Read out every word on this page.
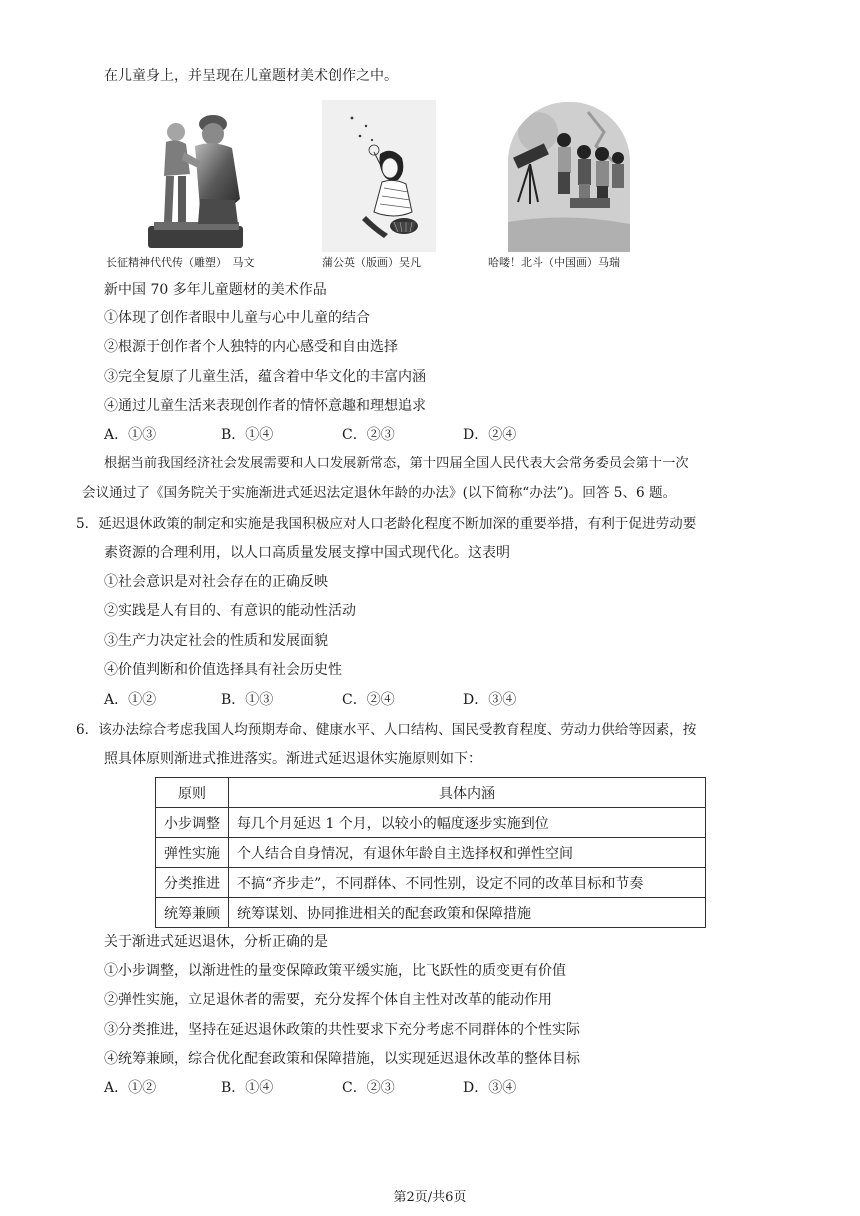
在儿童身上，并呈现在儿童题材美术创作之中。
长征精神代代传（雕塑）　马文	蒲公英（版画）吴凡	哈喽！北斗（中国画）马瑞
新中国 70 多年儿童题材的美术作品
①体现了创作者眼中儿童与心中儿童的结合
②根源于创作者个人独特的内心感受和自由选择
③完全复原了儿童生活，蕴含着中华文化的丰富内涵
④通过儿童生活来表现创作者的情怀意趣和理想追求
A．①③	B．①④	C．②③	D．②④
根据当前我国经济社会发展需要和人口发展新常态，第十四届全国人民代表大会常务委员会第十一次
会议通过了《国务院关于实施渐进式延迟法定退休年龄的办法》(以下简称“办法”)。回答 5、6 题。
5．延迟退休政策的制定和实施是我国积极应对人口老龄化程度不断加深的重要举措，有利于促进劳动要
素资源的合理利用，以人口高质量发展支撑中国式现代化。这表明
①社会意识是对社会存在的正确反映
②实践是人有目的、有意识的能动性活动
③生产力决定社会的性质和发展面貌
④价值判断和价值选择具有社会历史性
A．①②	B．①③	C．②④	D．③④
6．该办法综合考虑我国人均预期寿命、健康水平、人口结构、国民受教育程度、劳动力供给等因素，按
照具体原则渐进式推进落实。渐进式延迟退休实施原则如下：
原则	具体内涵
小步调整	每几个月延迟 1 个月，以较小的幅度逐步实施到位
弹性实施	个人结合自身情况，有退休年龄自主选择权和弹性空间
分类推进	不搞“齐步走”，不同群体、不同性别，设定不同的改革目标和节奏
统筹兼顾	统筹谋划、协同推进相关的配套政策和保障措施
关于渐进式延迟退休，分析正确的是
①小步调整，以渐进性的量变保障政策平缓实施，比飞跃性的质变更有价值
②弹性实施，立足退休者的需要，充分发挥个体自主性对改革的能动作用
③分类推进，坚持在延迟退休政策的共性要求下充分考虑不同群体的个性实际
④统筹兼顾，综合优化配套政策和保障措施，以实现延迟退休改革的整体目标
A．①②	B．①④	C．②③	D．③④
第2页/共6页
